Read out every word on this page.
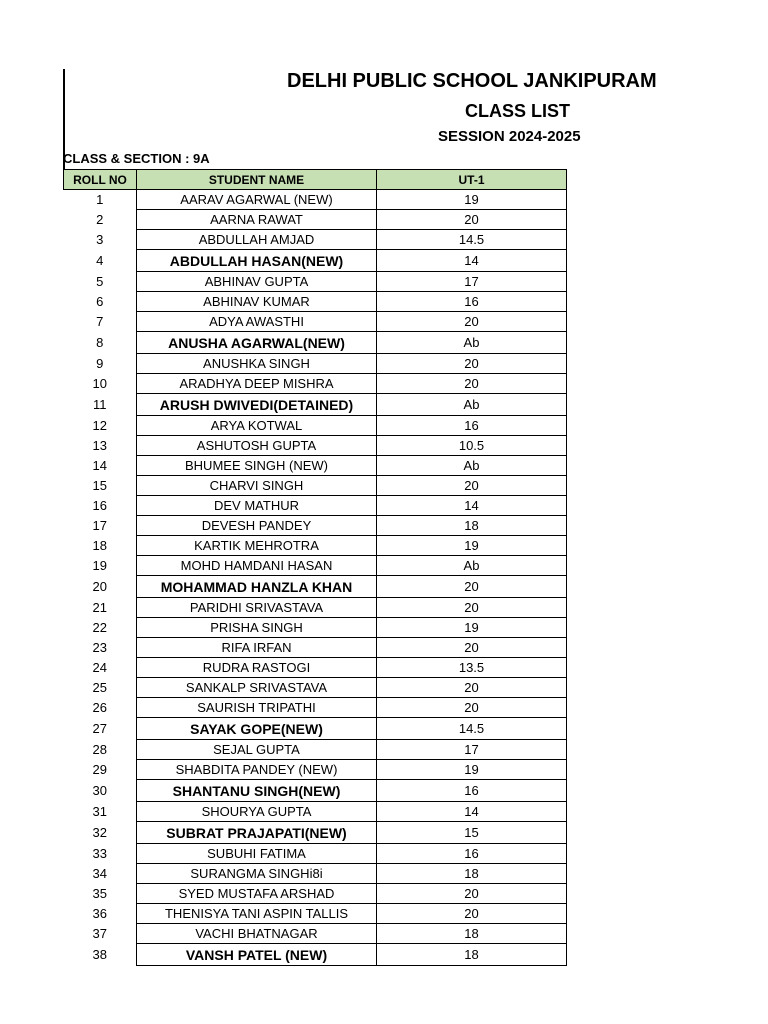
DELHI PUBLIC SCHOOL JANKIPURAM
CLASS LIST
SESSION 2024-2025
CLASS & SECTION : 9A
ROLL NO	STUDENT NAME	UT-1
1	AARAV AGARWAL (NEW)	19
2	AARNA RAWAT	20
3	ABDULLAH AMJAD	14.5
4	ABDULLAH HASAN(NEW)	14
5	ABHINAV GUPTA	17
6	ABHINAV KUMAR	16
7	ADYA AWASTHI	20
8	ANUSHA AGARWAL(NEW)	Ab
9	ANUSHKA SINGH	20
10	ARADHYA DEEP MISHRA	20
11	ARUSH DWIVEDI(DETAINED)	Ab
12	ARYA KOTWAL	16
13	ASHUTOSH GUPTA	10.5
14	BHUMEE SINGH (NEW)	Ab
15	CHARVI SINGH	20
16	DEV MATHUR	14
17	DEVESH PANDEY	18
18	KARTIK MEHROTRA	19
19	MOHD HAMDANI HASAN	Ab
20	MOHAMMAD HANZLA KHAN	20
21	PARIDHI SRIVASTAVA	20
22	PRISHA SINGH	19
23	RIFA IRFAN	20
24	RUDRA RASTOGI	13.5
25	SANKALP SRIVASTAVA	20
26	SAURISH TRIPATHI	20
27	SAYAK GOPE(NEW)	14.5
28	SEJAL GUPTA	17
29	SHABDITA PANDEY (NEW)	19
30	SHANTANU SINGH(NEW)	16
31	SHOURYA GUPTA	14
32	SUBRAT PRAJAPATI(NEW)	15
33	SUBUHI FATIMA	16
34	SURANGMA SINGHi8i	18
35	SYED MUSTAFA ARSHAD	20
36	THENISYA TANI ASPIN TALLIS	20
37	VACHI BHATNAGAR	18
38	VANSH PATEL (NEW)	18
